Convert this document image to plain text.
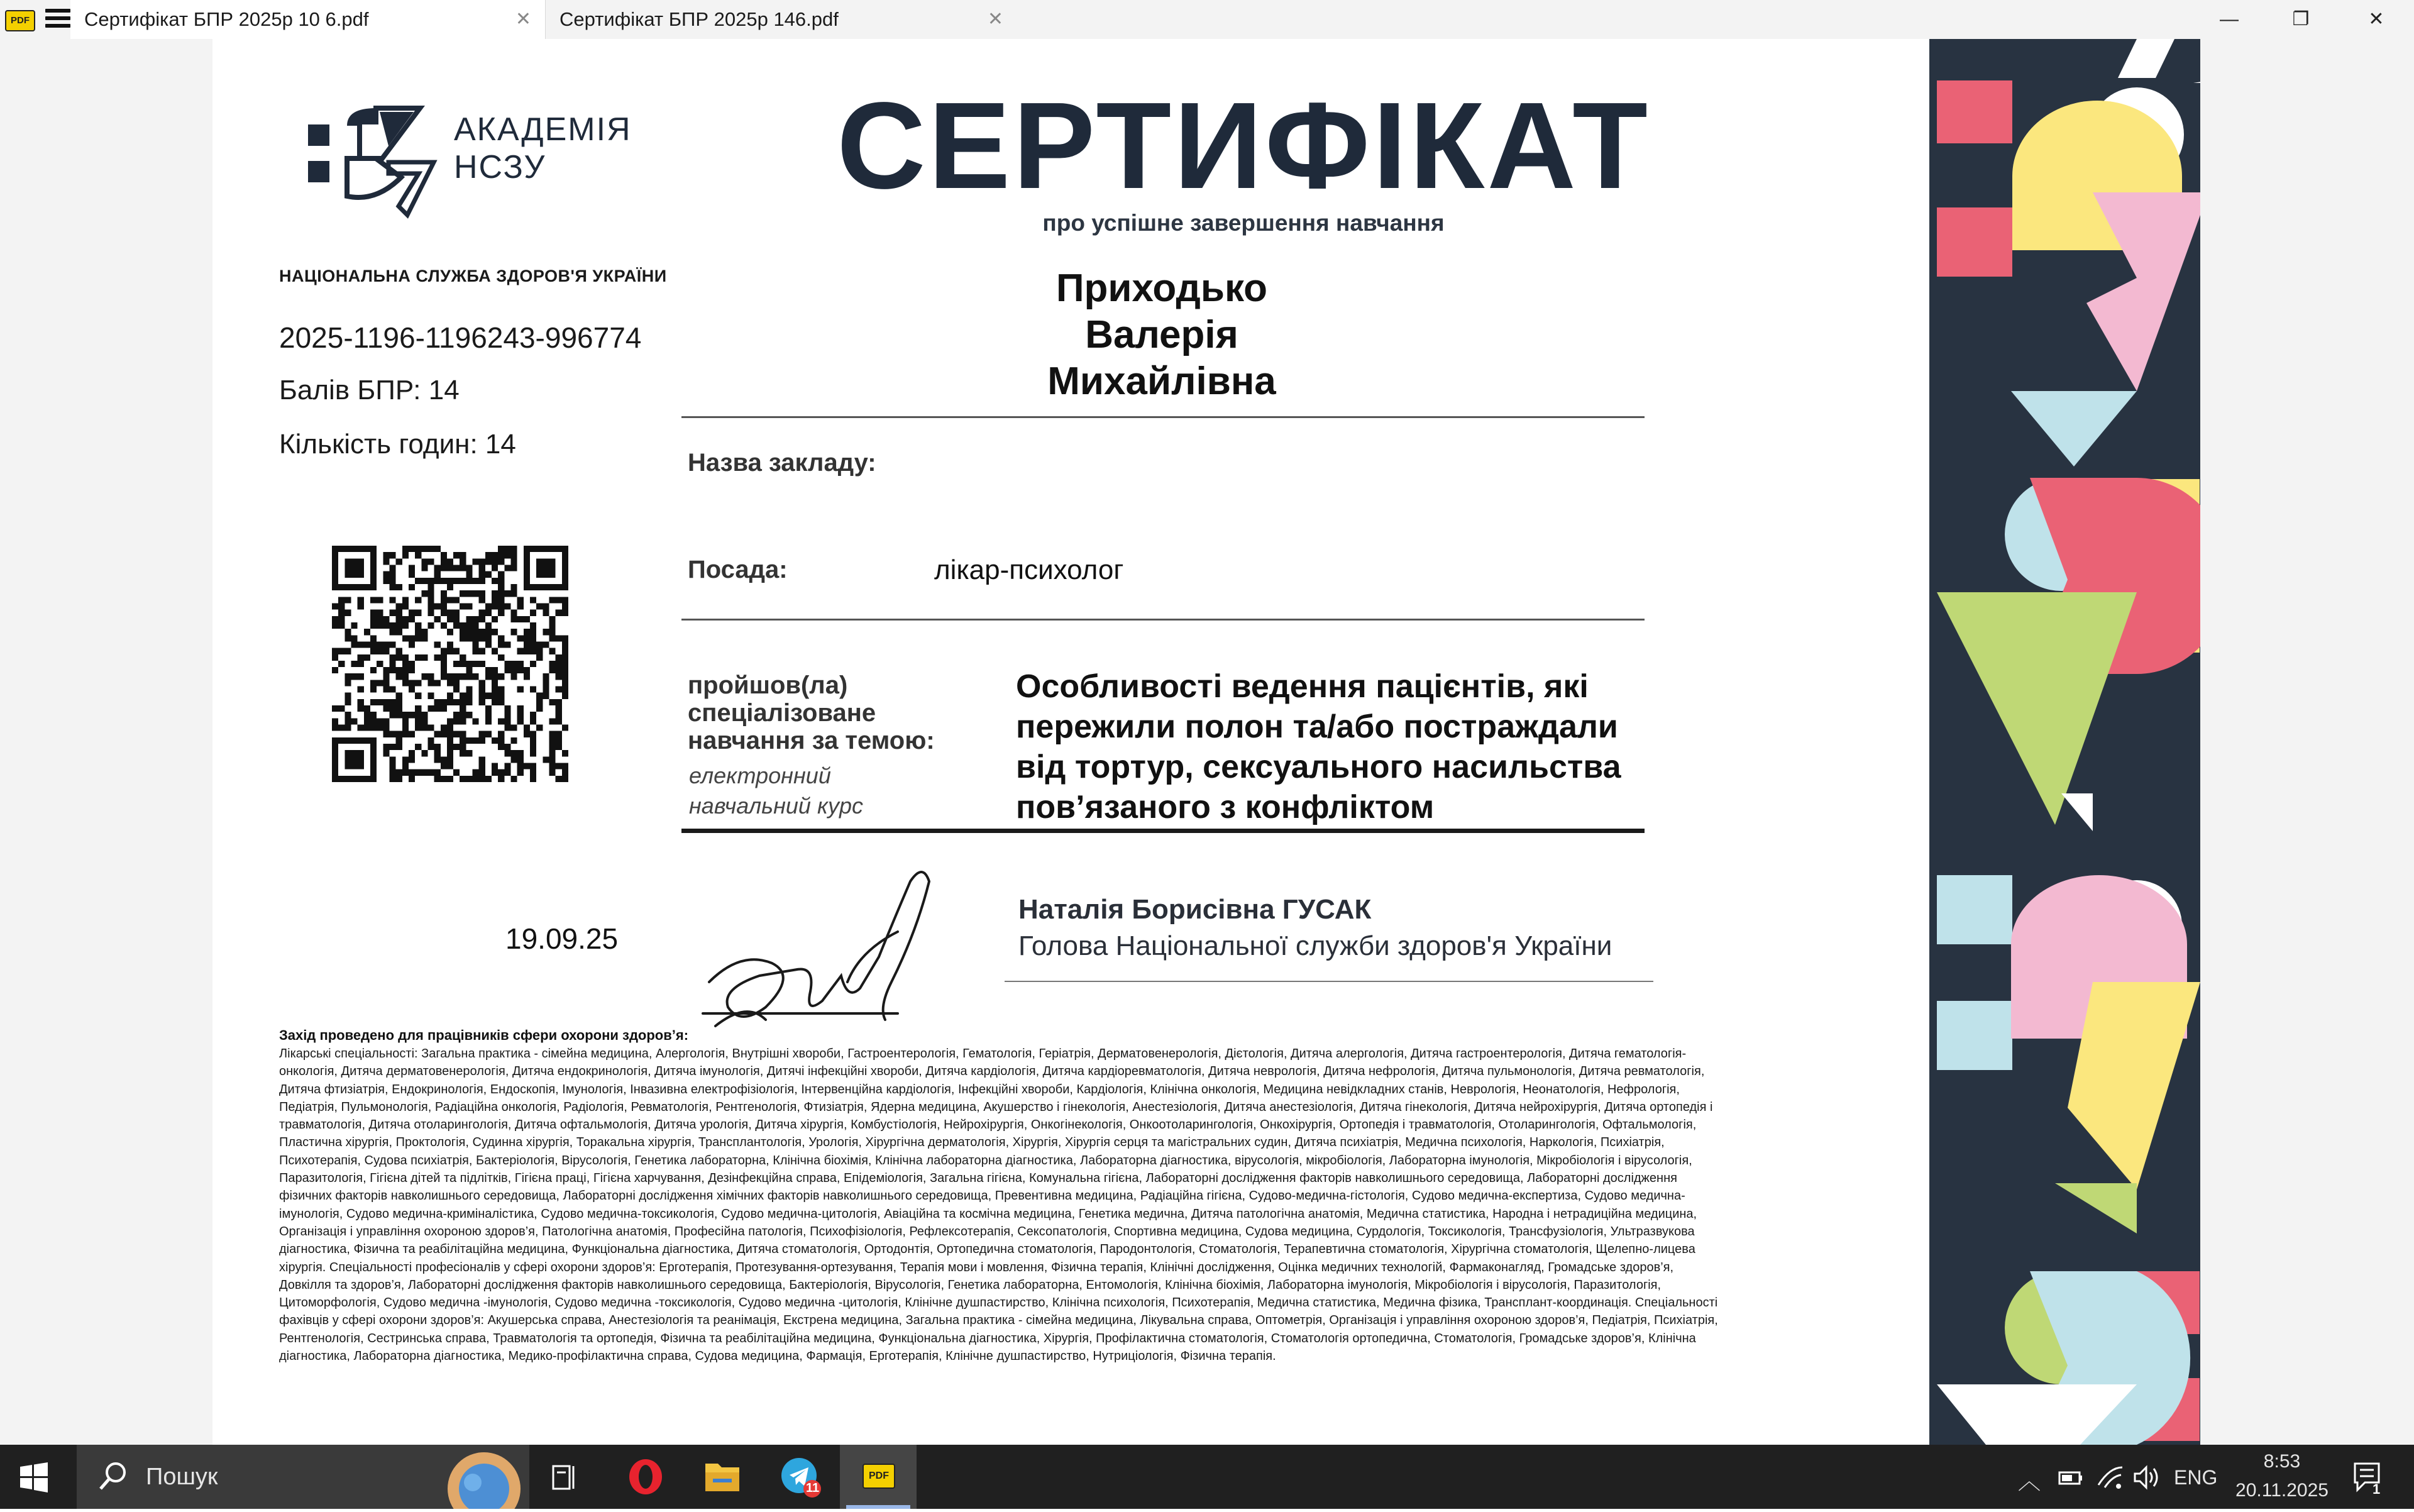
PDF	Сертифікат БПР 2025р 10 6.pdf	✕	Сертифікат БПР 2025р 146.pdf	✕	—	❐	✕
АКАДЕМІЯ
НСЗУ	СЕРТИФІКАТ
про успішне завершення навчання
НАЦІОНАЛЬНА СЛУЖБА ЗДОРОВ'Я УКРАЇНИ
2025-1196-1196243-996774
Балів БПР: 14
Кількість годин: 14
Приходько
Валерія
Михайлівна
Назва закладу:
Посада:	лікар-психолог
пройшов(ла) спеціалізоване навчання за темою:
електронний навчальний курс
Особливості ведення пацієнтів, які пережили полон та/або постраждали від тортур, сексуального насильства пов’язаного з конфліктом
19.09.25
Наталія Борисівна ГУСАК
Голова Національної служби здоров'я України
Захід проведено для працівників сфери охорони здоров’я:
Лікарські спеціальності: Загальна практика - сімейна медицина, Алергологія, Внутрішні хвороби, Гастроентерологія, Гематологія, Геріатрія, Дерматовенерологія, Дієтологія, Дитяча алергологія, Дитяча гастроентерологія, Дитяча гематологія-онкологія, Дитяча дерматовенерологія, Дитяча ендокринологія, Дитяча імунологія, Дитячі інфекційні хвороби, Дитяча кардіологія, Дитяча кардіоревматологія, Дитяча неврологія, Дитяча нефрологія, Дитяча пульмонологія, Дитяча ревматологія, Дитяча фтизіатрія, Ендокринологія, Ендоскопія, Імунологія, Інвазивна електрофізіологія, Інтервенційна кардіологія, Інфекційні хвороби, Кардіологія, Клінічна онкологія, Медицина невідкладних станів, Неврологія, Неонатологія, Нефрологія, Педіатрія, Пульмонологія, Радіаційна онкологія, Радіологія, Ревматологія, Рентгенологія, Фтизіатрія, Ядерна медицина, Акушерство і гінекологія, Анестезіологія, Дитяча анестезіологія, Дитяча гінекологія, Дитяча нейрохірургія, Дитяча ортопедія і травматологія, Дитяча отоларингологія, Дитяча офтальмологія, Дитяча урологія, Дитяча хірургія, Комбустіологія, Нейрохірургія, Онкогінекологія, Онкоотоларингологія, Онкохірургія, Ортопедія і травматологія, Отоларингологія, Офтальмологія, Пластична хірургія, Проктологія, Судинна хірургія, Торакальна хірургія, Трансплантологія, Урологія, Хірургічна дерматологія, Хірургія, Хірургія серця та магістральних судин, Дитяча психіатрія, Медична психологія, Наркологія, Психіатрія, Психотерапія, Судова психіатрія, Бактеріологія, Вірусологія, Генетика лабораторна, Клінічна біохімія, Клінічна лабораторна діагностика, Лабораторна діагностика, вірусологія, мікробіологія, Лабораторна імунологія, Мікробіологія і вірусологія, Паразитологія, Гігієна дітей та підлітків, Гігієна праці, Гігієна харчування, Дезінфекційна справа, Епідеміологія, Загальна гігієна, Комунальна гігієна, Лабораторні дослідження факторів навколишнього середовища, Лабораторні дослідження фізичних факторів навколишнього середовища, Лабораторні дослідження хімічних факторів навколишнього середовища, Превентивна медицина, Радіаційна гігієна, Судово-медична-гістологія, Судово медична-експертиза, Судово медична-імунологія, Судово медична-криміналістика, Судово медична-токсикологія, Судово медична-цитологія, Авіаційна та космічна медицина, Генетика медична, Дитяча патологічна анатомія, Медична статистика, Народна і нетрадиційна медицина, Організація і управління охороною здоров’я, Патологічна анатомія, Професійна патологія, Психофізіологія, Рефлексотерапія, Сексопатологія, Спортивна медицина, Судова медицина, Сурдологія, Токсикологія, Трансфузіологія, Ультразвукова діагностика, Фізична та реабілітаційна медицина, Функціональна діагностика, Дитяча стоматологія, Ортодонтія, Ортопедична стоматологія, Пародонтологія, Стоматологія, Терапевтична стоматологія, Хірургічна стоматологія, Щелепно-лицева хірургія. Спеціальності професіоналів у сфері охорони здоров’я: Ерготерапія, Протезування-ортезування, Терапія мови і мовлення, Фізична терапія, Клінічні дослідження, Оцінка медичних технологій, Фармаконагляд, Громадське здоров’я, Довкілля та здоров’я, Лабораторні дослідження факторів навколишнього середовища, Бактеріологія, Вірусологія, Генетика лабораторна, Ентомологія, Клінічна біохімія, Лабораторна імунологія, Мікробіологія і вірусологія, Паразитологія, Цитоморфологія, Судово медична -імунологія, Судово медична -токсикологія, Судово медична -цитологія, Клінічне душпастирство, Клінічна психологія, Психотерапія, Медична статистика, Медична фізика, Трансплант-координація. Спеціальності фахівців у сфері охорони здоров’я: Акушерська справа, Анестезіологія та реанімація, Екстрена медицина, Загальна практика - сімейна медицина, Лікувальна справа, Оптометрія, Організація і управління охороною здоров’я, Педіатрія, Психіатрія, Рентгенологія, Сестринська справа, Травматологія та ортопедія, Фізична та реабілітаційна медицина, Функціональна діагностика, Хірургія, Профілактична стоматологія, Стоматологія ортопедична, Стоматологія, Громадське здоров’я, Клінічна діагностика, Лабораторна діагностика, Медико-профілактична справа, Судова медицина, Фармація, Ерготерапія, Клінічне душпастирство, Нутриціологія, Фізична терапія.
Пошук	11
PDF	︿	ENG
8:53
20.11.2025	1
